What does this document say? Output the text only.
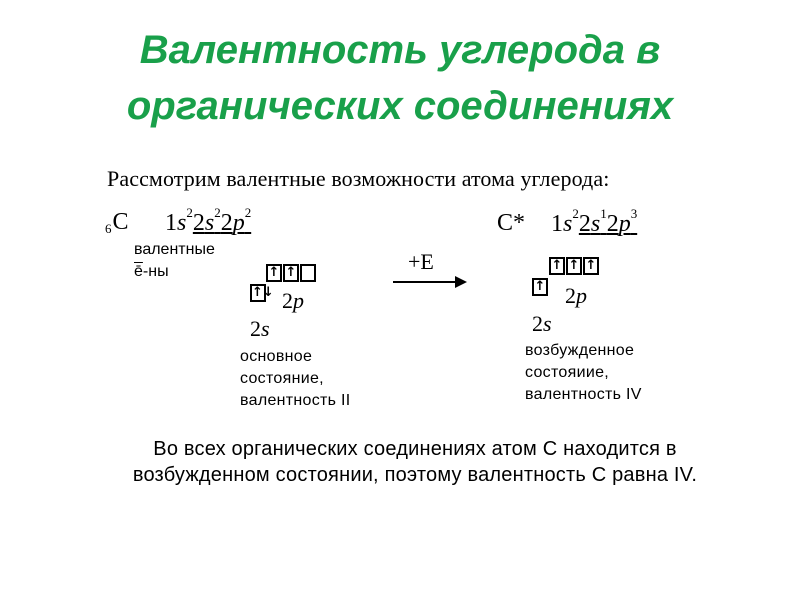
Валентность углерода в
органических соединениях
Рассмотрим валентные возможности атома углерода:
$_6$C $1s^22s^22p^2$
валентные
$\overline{ē}-ны$	↑ ↑
↑↓ 2p
2s
основное
состояние,
валентность II
+E
C* $1s^22s^12p^3$
↑ ↑ ↑
↑ 2p
2s
возбужденное
состояиие,
валентность IV
Во всех органических соединениях атом С находится в
возбужденном состоянии, поэтому валентность С равна IV.
